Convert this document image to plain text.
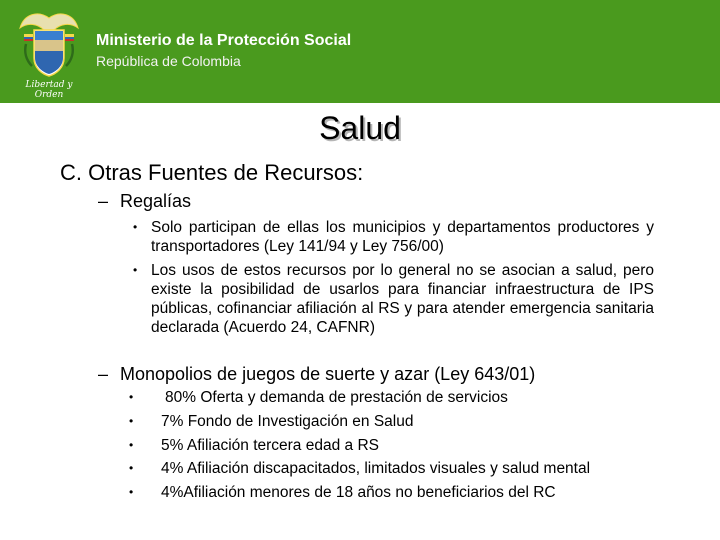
Libertad y Orden
Ministerio de la Protección Social
República de Colombia
Salud
C. Otras Fuentes de Recursos:
– Regalías
• Solo participan de ellas los municipios y departamentos productores y transportadores (Ley 141/94 y Ley 756/00)
• Los usos de estos recursos por lo general no se asocian a salud, pero existe la posibilidad de usarlos para financiar infraestructura de IPS públicas, cofinanciar afiliación al RS y para atender emergencia sanitaria declarada (Acuerdo 24, CAFNR)
– Monopolios de juegos de suerte y azar (Ley 643/01)
• 80% Oferta y demanda de prestación de servicios
• 7% Fondo de Investigación en Salud
• 5% Afiliación tercera edad a RS
• 4% Afiliación discapacitados, limitados visuales y salud mental
• 4%Afiliación menores de 18 años no beneficiarios del RC
